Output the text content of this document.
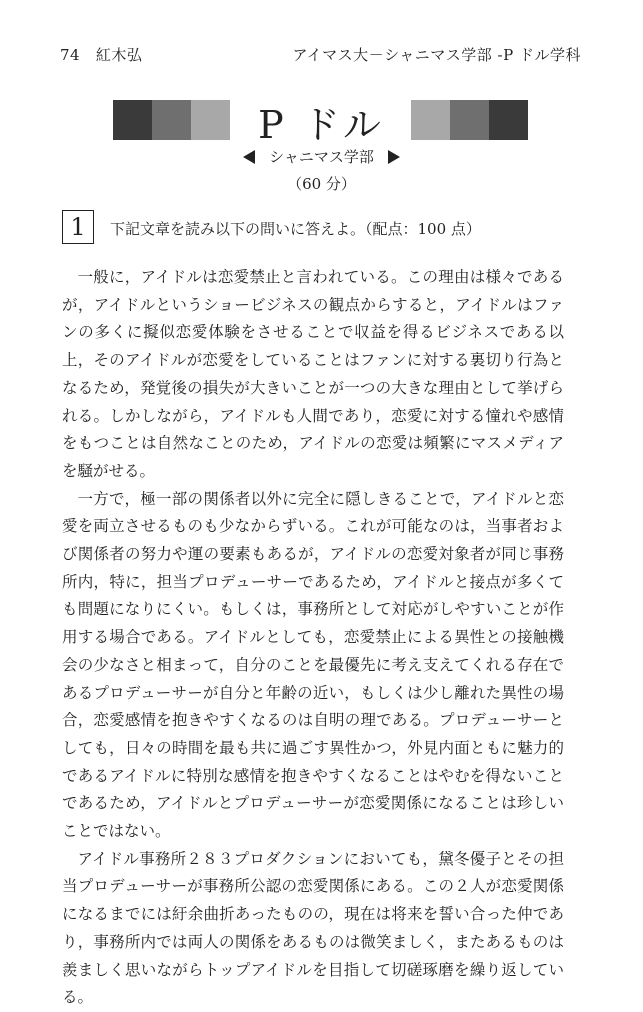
74 紅木弘	アイマス大－シャニマス学部 -P ドル学科
P ドル
シャニマス学部
（60 分）
1	下記文章を読み以下の問いに答えよ。（配点：100 点）

一般に，アイドルは恋愛禁止と言われている。この理由は様々であるが，アイドルというショービジネスの観点からすると，アイドルはファンの多くに擬似恋愛体験をさせることで収益を得るビジネスである以上，そのアイドルが恋愛をしていることはファンに対する裏切り行為となるため，発覚後の損失が大きいことが一つの大きな理由として挙げられる。しかしながら，アイドルも人間であり，恋愛に対する憧れや感情をもつことは自然なことのため，アイドルの恋愛は頻繁にマスメディアを騒がせる。

一方で，極一部の関係者以外に完全に隠しきることで，アイドルと恋愛を両立させるものも少なからずいる。これが可能なのは，当事者および関係者の努力や運の要素もあるが，アイドルの恋愛対象者が同じ事務所内，特に，担当プロデューサーであるため，アイドルと接点が多くても問題になりにくい。もしくは，事務所として対応がしやすいことが作用する場合である。アイドルとしても，恋愛禁止による異性との接触機会の少なさと相まって，自分のことを最優先に考え支えてくれる存在であるプロデューサーが自分と年齢の近い，もしくは少し離れた異性の場合，恋愛感情を抱きやすくなるのは自明の理である。プロデューサーとしても，日々の時間を最も共に過ごす異性かつ，外見内面ともに魅力的であるアイドルに特別な感情を抱きやすくなることはやむを得ないことであるため，アイドルとプロデューサーが恋愛関係になることは珍しいことではない。

アイドル事務所２８３プロダクションにおいても，黛冬優子とその担当プロデューサーが事務所公認の恋愛関係にある。この２人が恋愛関係になるまでには紆余曲折あったものの，現在は将来を誓い合った仲であり，事務所内では両人の関係をあるものは微笑ましく，またあるものは羨ましく思いながらトップアイドルを目指して切磋琢磨を繰り返している。
